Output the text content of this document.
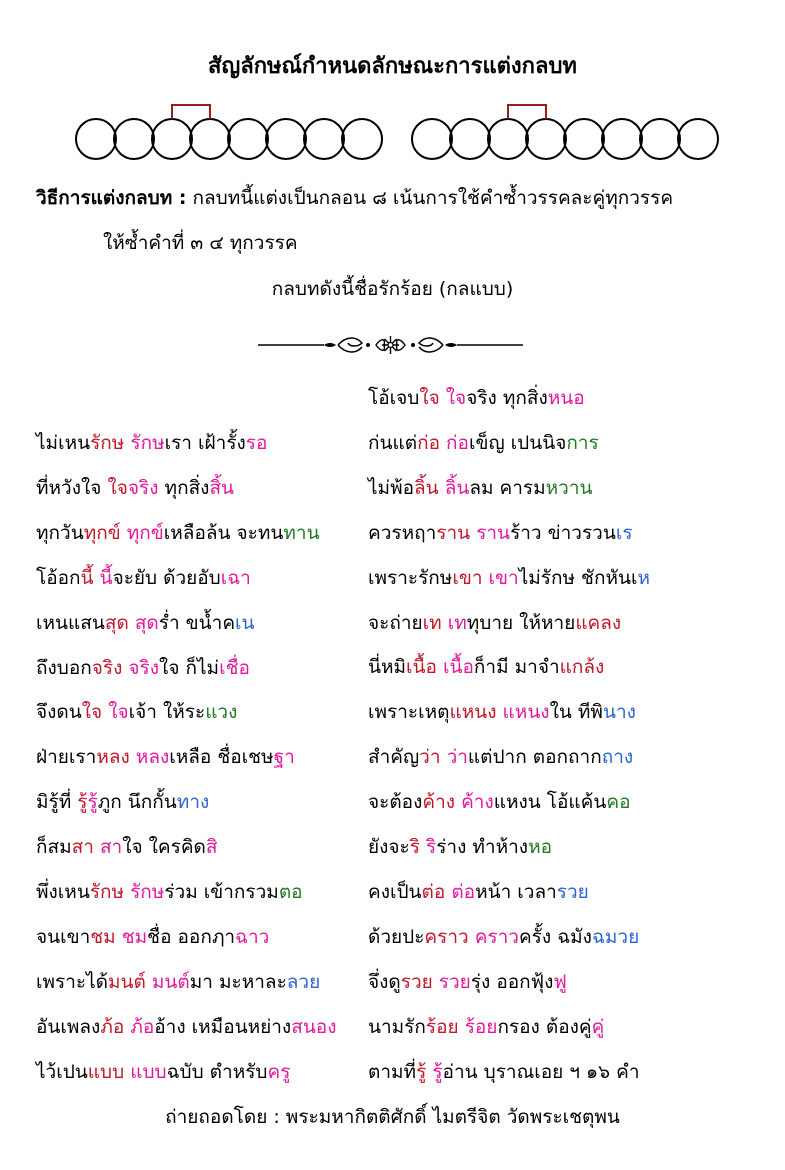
สัญลักษณ์กำหนดลักษณะการแต่งกลบท
วิธีการแต่งกลบท : กลบทนี้แต่งเป็นกลอน ๘ เน้นการใช้คำซ้ำวรรคละคู่ทุกวรรค
ให้ซ้ำคำที่ ๓ ๔ ทุกวรรค
กลบทดังนี้ชื่อรักร้อย (กลแบบ)
ไม่เหนรักษ รักษเรา เฝ้ารั้งรอ
ที่หวังใจ ใจจริง ทุกสิ่งสิ้น
ทุกวันทุกข์ ทุกข์เหลือล้น จะทนทาน
โอ้อกนี้ นี้จะยับ ด้วยอับเฉา
เหนแสนสุด สุดร่ำ ขน้ำคเน
ถึงบอกจริง จริงใจ ก็ไม่เชื่อ
จึงดนใจ ใจเจ้า ให้ระแวง
ฝ่ายเราหลง หลงเหลือ ชื่อเชษฐา
มิรู้ที่ รู้รู้ภูก นึกกั้นทาง
ก็สมสา สาใจ ใครคิดสิ
พึ่งเหนรักษ รักษร่วม เข้ากรวมตอ
จนเขาชม ชมชื่อ ออกฦาฉาว
เพราะได้มนต์ มนต์มา มะหาละลวย
อันเพลงภ้อ ภ้ออ้าง เหมือนหย่างสนอง
ไว้เปนแบบ แบบฉบับ ตำหรับครู
โอ้เจบใจ ใจจริง ทุกสิ่งหนอ
ก่นแต่ก่อ ก่อเข็ญ เปนนิจการ
ไม่พ้อลิ้น ลิ้นลม คารมหวาน
ควรหฤาราน รานร้าว ข่าวรวนเร
เพราะรักษเขา เขาไม่รักษ ชักหันเห
จะถ่ายเท เททุบาย ให้หายแคลง
นี่หมิเนื้อ เนื้อก็ามี มาจำแกล้ง
เพราะเหตุแหนง แหนงใน ทีพินาง
สำคัญว่า ว่าแต่ปาก ตอกถากถาง
จะต้องค้าง ค้างแหงน โอ้แค้นคอ
ยังจะริ ริร่าง ทำห้างหอ
คงเป็นต่อ ต่อหน้า เวลารวย
ด้วยปะคราว คราวครั้ง ฉมังฉมวย
จึ่งดูรวย รวยรุ่ง ออกฟุ้งฟู
นามรักร้อย ร้อยกรอง ต้องคู่คู่
ตามที่รู้ รู้อ่าน บุราณเอย ฯ ๑๖ คำ
ถ่ายถอดโดย : พระมหากิตติศักดิ์ ไมตรีจิต วัดพระเชตุพน
